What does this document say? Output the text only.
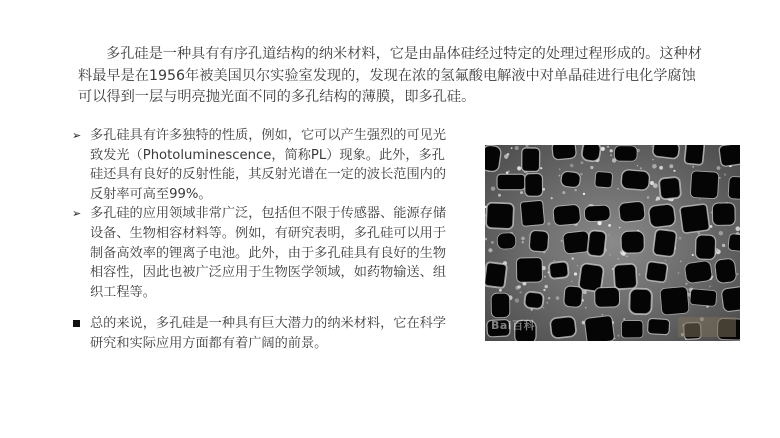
多孔硅是一种具有有序孔道结构的纳米材料，它是由晶体硅经过特定的处理过程形成的。这种材料最早是在1956年被美国贝尔实验室发现的，发现在浓的氢氟酸电解液中对单晶硅进行电化学腐蚀可以得到一层与明亮抛光面不同的多孔结构的薄膜，即多孔硅。

➢ 多孔硅具有许多独特的性质，例如，它可以产生强烈的可见光致发光（Photoluminescence，简称PL）现象。此外，多孔硅还具有良好的反射性能，其反射光谱在一定的波长范围内的反射率可高至99%。
➢ 多孔硅的应用领域非常广泛，包括但不限于传感器、能源存储设备、生物相容材料等。例如，有研究表明，多孔硅可以用于制备高效率的锂离子电池。此外，由于多孔硅具有良好的生物相容性，因此也被广泛应用于生物医学领域，如药物输送、组织工程等。
总的来说，多孔硅是一种具有巨大潜力的纳米材料，它在科学研究和实际应用方面都有着广阔的前景。
Bai百科
